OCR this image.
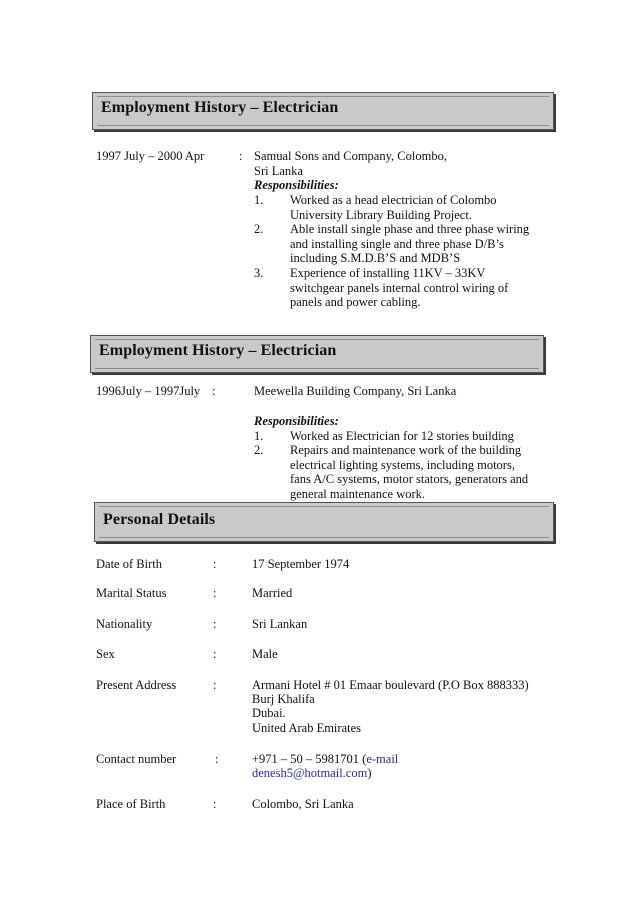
Employment History – Electrician
1997 July – 2000 Apr	: Samual Sons and Company, Colombo,
Sri Lanka
Responsibilities:
1. Worked as a head electrician of Colombo
University Library Building Project.
2. Able install single phase and three phase wiring
and installing single and three phase D/B’s
including S.M.D.B’S and MDB’S
3. Experience of installing 11KV – 33KV
switchgear panels internal control wiring of
panels and power cabling.
Employment History – Electrician
1996July – 1997July :	Meewella Building Company, Sri Lanka
Responsibilities:
1. Worked as Electrician for 12 stories building
2. Repairs and maintenance work of the building
electrical lighting systems, including motors,
fans A/C systems, motor stators, generators and
general maintenance work.
Personal Details
Date of Birth	:	17 September 1974
Marital Status	:	Married
Nationality	:	Sri Lankan
Sex	:	Male
Present Address	:	Armani Hotel # 01 Emaar boulevard (P.O Box 888333)
Burj Khalifa
Dubai.
United Arab Emirates
Contact number	:	+971 – 50 – 5981701 (e-mail
denesh5@hotmail.com)
Place of Birth	:	Colombo, Sri Lanka
